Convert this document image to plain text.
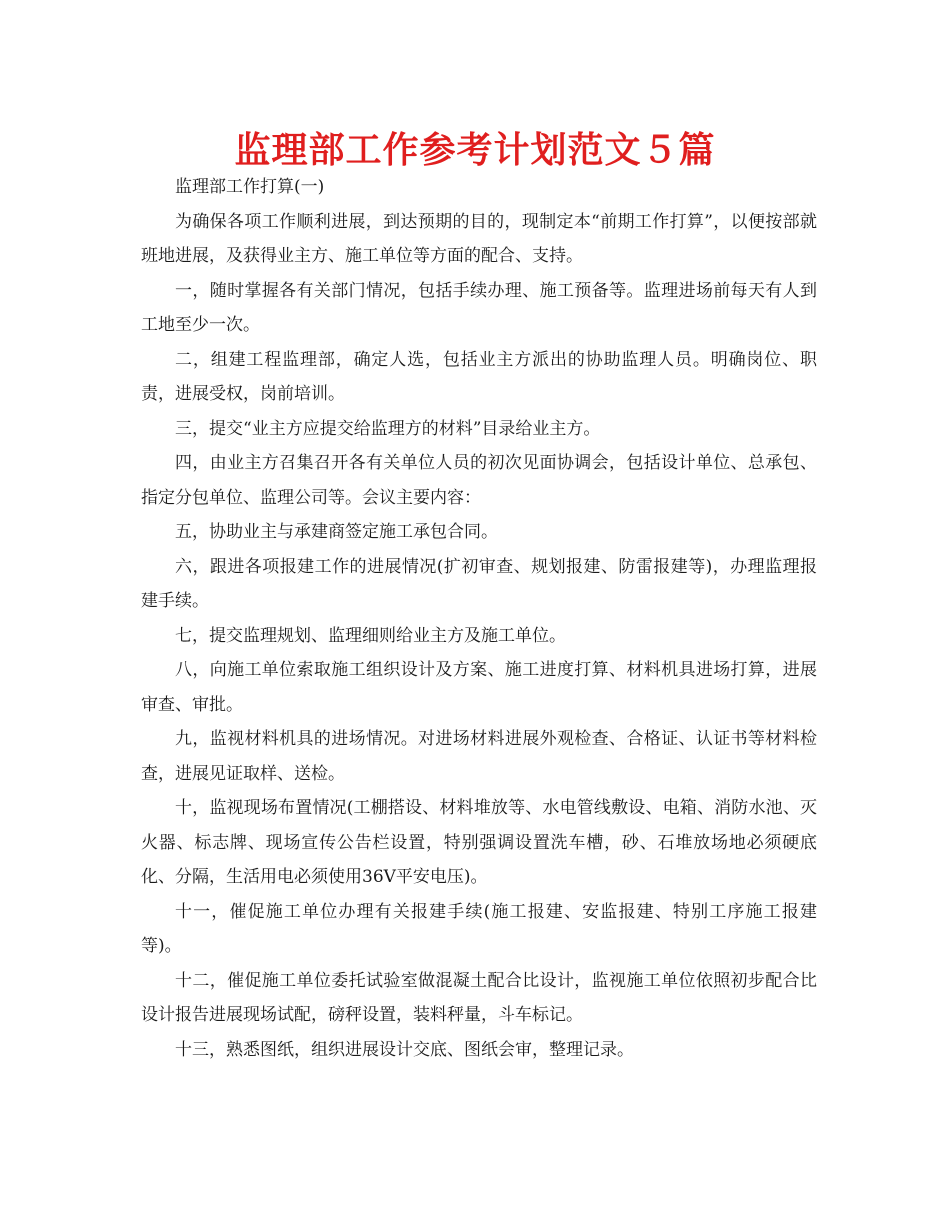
监理部工作参考计划范文５篇

监理部工作打算(一)

为确保各项工作顺利进展，到达预期的目的，现制定本“前期工作打算”，以便按部就班地进展，及获得业主方、施工单位等方面的配合、支持。

一，随时掌握各有关部门情况，包括手续办理、施工预备等。监理进场前每天有人到工地至少一次。

二，组建工程监理部，确定人选，包括业主方派出的协助监理人员。明确岗位、职责，进展受权，岗前培训。

三，提交“业主方应提交给监理方的材料”目录给业主方。

四，由业主方召集召开各有关单位人员的初次见面协调会，包括设计单位、总承包、指定分包单位、监理公司等。会议主要内容：

五，协助业主与承建商签定施工承包合同。

六，跟进各项报建工作的进展情况(扩初审查、规划报建、防雷报建等)，办理监理报建手续。

七，提交监理规划、监理细则给业主方及施工单位。

八，向施工单位索取施工组织设计及方案、施工进度打算、材料机具进场打算，进展审查、审批。

九，监视材料机具的进场情况。对进场材料进展外观检查、合格证、认证书等材料检查，进展见证取样、送检。

十，监视现场布置情况(工棚搭设、材料堆放等、水电管线敷设、电箱、消防水池、灭火器、标志牌、现场宣传公告栏设置，特别强调设置洗车槽，砂、石堆放场地必须硬底化、分隔，生活用电必须使用36V平安电压)。

十一，催促施工单位办理有关报建手续(施工报建、安监报建、特别工序施工报建等)。

十二，催促施工单位委托试验室做混凝土配合比设计，监视施工单位依照初步配合比设计报告进展现场试配，磅秤设置，装料秤量，斗车标记。

十三，熟悉图纸，组织进展设计交底、图纸会审，整理记录。
